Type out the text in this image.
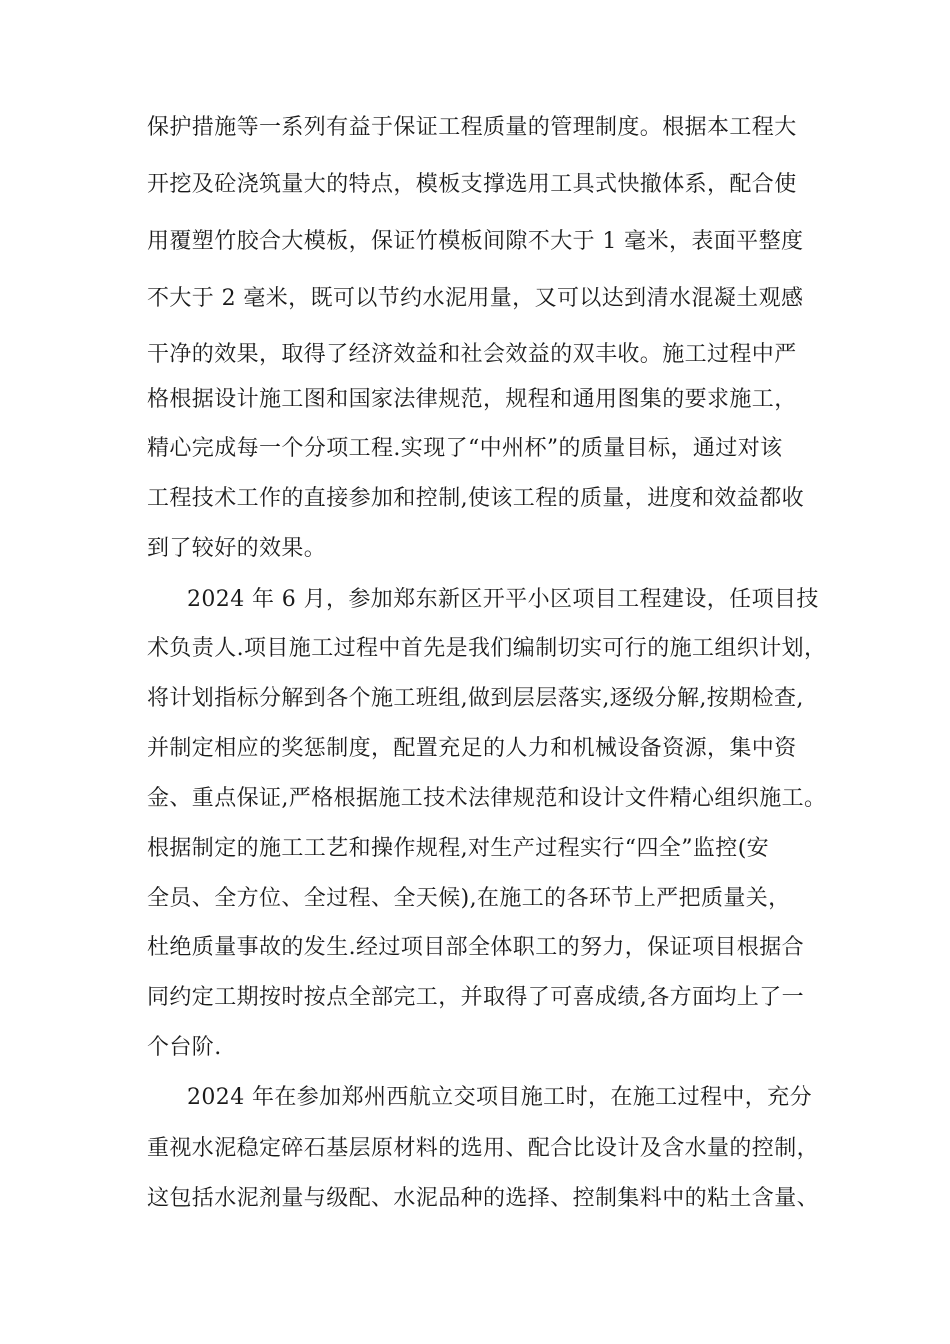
保护措施等一系列有益于保证工程质量的管理制度。根据本工程大
开挖及砼浇筑量大的特点，模板支撑选用工具式快撤体系，配合使
用覆塑竹胶合大模板，保证竹模板间隙不大于 1 毫米，表面平整度
不大于 2 毫米，既可以节约水泥用量，又可以达到清水混凝土观感
干净的效果，取得了经济效益和社会效益的双丰收。施工过程中严
格根据设计施工图和国家法律规范，规程和通用图集的要求施工，
精心完成每一个分项工程.实现了“中州杯”的质量目标，通过对该
工程技术工作的直接参加和控制,使该工程的质量，进度和效益都收
到了较好的效果。
2024 年 6 月，参加郑东新区开平小区项目工程建设，任项目技
术负责人.项目施工过程中首先是我们编制切实可行的施工组织计划，
将计划指标分解到各个施工班组,做到层层落实,逐级分解,按期检查,
并制定相应的奖惩制度，配置充足的人力和机械设备资源，集中资
金、重点保证,严格根据施工技术法律规范和设计文件精心组织施工。
根据制定的施工工艺和操作规程,对生产过程实行“四全”监控(安
全员、全方位、全过程、全天候),在施工的各环节上严把质量关，
杜绝质量事故的发生.经过项目部全体职工的努力，保证项目根据合
同约定工期按时按点全部完工，并取得了可喜成绩,各方面均上了一
个台阶.
2024 年在参加郑州西航立交项目施工时，在施工过程中，充分
重视水泥稳定碎石基层原材料的选用、配合比设计及含水量的控制，
这包括水泥剂量与级配、水泥品种的选择、控制集料中的粘土含量、
